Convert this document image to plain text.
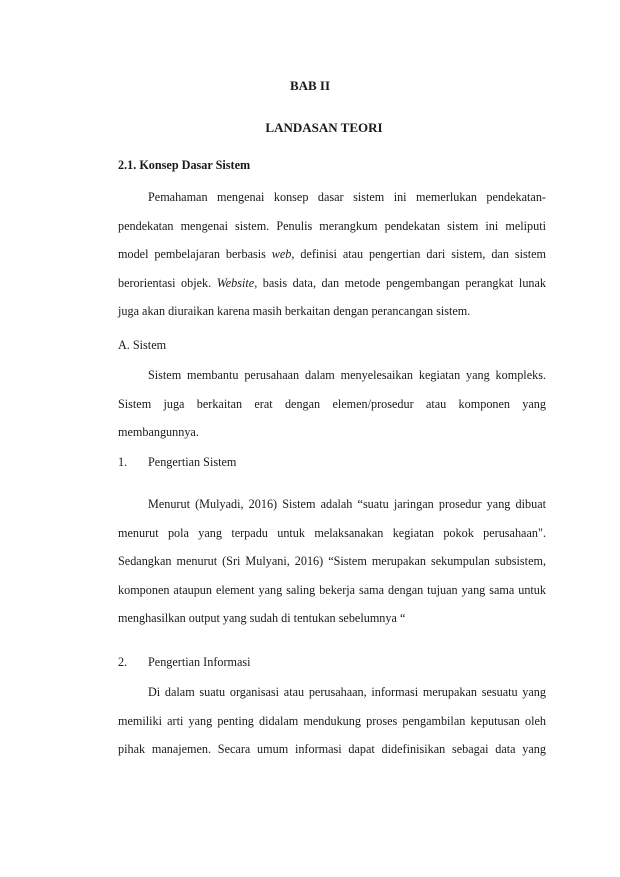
BAB II
LANDASAN TEORI
2.1. Konsep Dasar Sistem
Pemahaman mengenai konsep dasar sistem ini memerlukan pendekatan-
pendekatan mengenai sistem. Penulis merangkum pendekatan sistem ini meliputi
model pembelajaran berbasis web, definisi atau pengertian dari sistem, dan sistem
berorientasi objek. Website, basis data, dan metode pengembangan perangkat lunak
juga akan diuraikan karena masih berkaitan dengan perancangan sistem.
A. Sistem
Sistem membantu perusahaan dalam menyelesaikan kegiatan yang kompleks.
Sistem juga berkaitan erat dengan elemen/prosedur atau komponen yang
membangunnya.
1. Pengertian Sistem
Menurut (Mulyadi, 2016) Sistem adalah “suatu jaringan prosedur yang dibuat
menurut pola yang terpadu untuk melaksanakan kegiatan pokok perusahaan".
Sedangkan menurut (Sri Mulyani, 2016) “Sistem merupakan sekumpulan subsistem,
komponen ataupun element yang saling bekerja sama dengan tujuan yang sama untuk
menghasilkan output yang sudah di tentukan sebelumnya “
2. Pengertian Informasi
Di dalam suatu organisasi atau perusahaan, informasi merupakan sesuatu yang
memiliki arti yang penting didalam mendukung proses pengambilan keputusan oleh
pihak manajemen. Secara umum informasi dapat didefinisikan sebagai data yang
